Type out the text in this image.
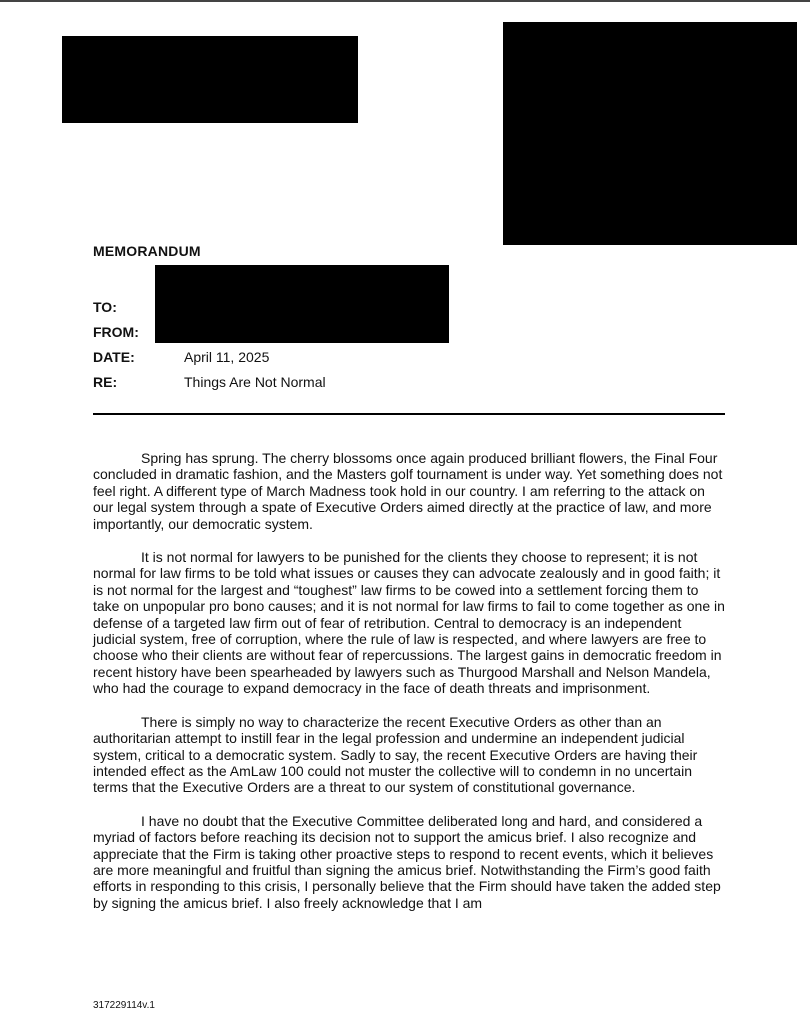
MEMORANDUM
TO:
FROM:
DATE:	April 11, 2025
RE:	Things Are Not Normal

Spring has sprung. The cherry blossoms once again produced brilliant flowers, the Final Four concluded in dramatic fashion, and the Masters golf tournament is under way. Yet something does not feel right. A different type of March Madness took hold in our country. I am referring to the attack on our legal system through a spate of Executive Orders aimed directly at the practice of law, and more importantly, our democratic system.

It is not normal for lawyers to be punished for the clients they choose to represent; it is not normal for law firms to be told what issues or causes they can advocate zealously and in good faith; it is not normal for the largest and “toughest” law firms to be cowed into a settlement forcing them to take on unpopular pro bono causes; and it is not normal for law firms to fail to come together as one in defense of a targeted law firm out of fear of retribution. Central to democracy is an independent judicial system, free of corruption, where the rule of law is respected, and where lawyers are free to choose who their clients are without fear of repercussions. The largest gains in democratic freedom in recent history have been spearheaded by lawyers such as Thurgood Marshall and Nelson Mandela, who had the courage to expand democracy in the face of death threats and imprisonment.

There is simply no way to characterize the recent Executive Orders as other than an authoritarian attempt to instill fear in the legal profession and undermine an independent judicial system, critical to a democratic system. Sadly to say, the recent Executive Orders are having their intended effect as the AmLaw 100 could not muster the collective will to condemn in no uncertain terms that the Executive Orders are a threat to our system of constitutional governance.

I have no doubt that the Executive Committee deliberated long and hard, and considered a myriad of factors before reaching its decision not to support the amicus brief. I also recognize and appreciate that the Firm is taking other proactive steps to respond to recent events, which it believes are more meaningful and fruitful than signing the amicus brief. Notwithstanding the Firm’s good faith efforts in responding to this crisis, I personally believe that the Firm should have taken the added step by signing the amicus brief. I also freely acknowledge that I am

317229114v.1
